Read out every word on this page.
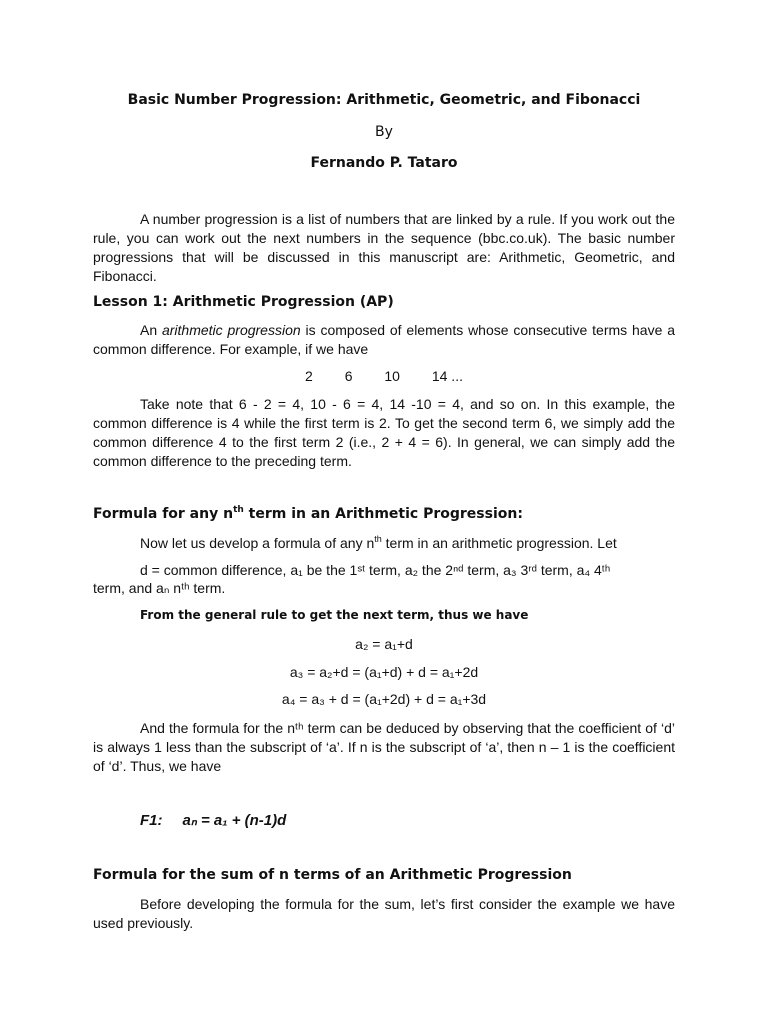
Basic Number Progression: Arithmetic, Geometric, and Fibonacci
By
Fernando P. Tataro
A number progression is a list of numbers that are linked by a rule. If you work out the rule, you can work out the next numbers in the sequence (bbc.co.uk). The basic number progressions that will be discussed in this manuscript are: Arithmetic, Geometric, and Fibonacci.
Lesson 1: Arithmetic Progression (AP)
An arithmetic progression is composed of elements whose consecutive terms have a common difference. For example, if we have
2 6 10 14 ...
Take note that 6 - 2 = 4, 10 - 6 = 4, 14 -10 = 4, and so on. In this example, the common difference is 4 while the first term is 2. To get the second term 6, we simply add the common difference 4 to the first term 2 (i.e., 2 + 4 = 6). In general, we can simply add the common difference to the preceding term.
Formula for any $n^{th}$ term in an Arithmetic Progression:
Now let us develop a formula of any $n^{th}$ term in an arithmetic progression. Let
d = common difference, a₁ be the 1ˢᵗ term, a₂ the 2ⁿᵈ term, a₃ 3ʳᵈ term, a₄ 4ᵗʰ
term, and aₙ nᵗʰ term.
From the general rule to get the next term, thus we have
a₂ = a₁+d
a₃ = a₂+d = (a₁+d) + d = a₁+2d
a₄ = a₃ + d = (a₁+2d) + d = a₁+3d
And the formula for the nᵗʰ term can be deduced by observing that the coefficient of ‘d’ is always 1 less than the subscript of ‘a’. If n is the subscript of ‘a’, then n – 1 is the coefficient of ‘d’. Thus, we have
F1: aₙ = a₁ + (n-1)d
Formula for the sum of n terms of an Arithmetic Progression
Before developing the formula for the sum, let’s first consider the example we have used previously.
